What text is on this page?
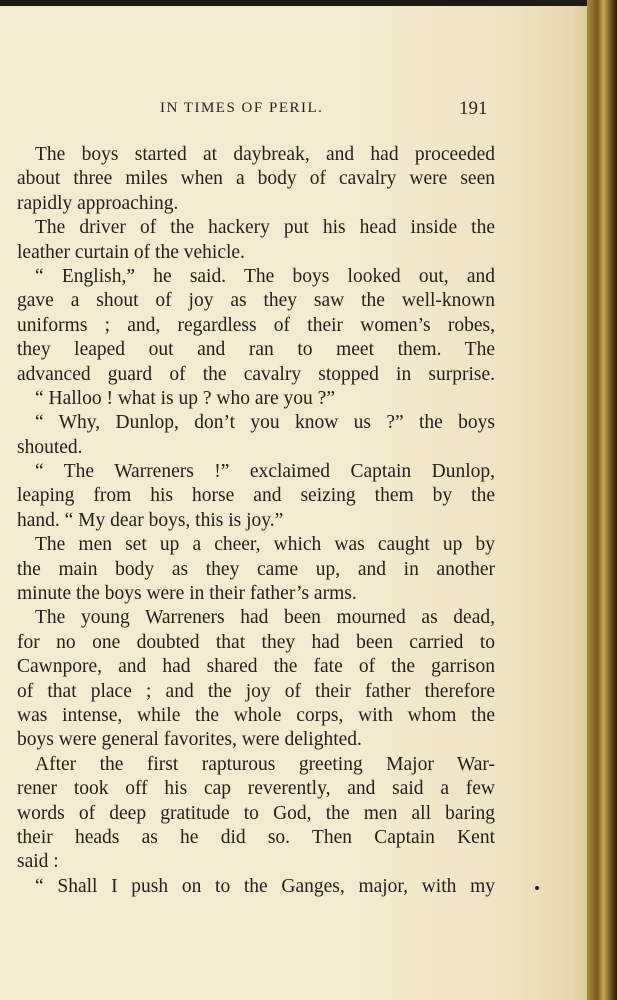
IN TIMES OF PERIL.	191
The boys started at daybreak, and had proceeded
about three miles when a body of cavalry were seen
rapidly approaching.
The driver of the hackery put his head inside the
leather curtain of the vehicle.
“ English,” he said. The boys looked out, and
gave a shout of joy as they saw the well-known
uniforms ; and, regardless of their women’s robes,
they leaped out and ran to meet them. The
advanced guard of the cavalry stopped in surprise.
“ Halloo ! what is up ? who are you ?”
“ Why, Dunlop, don’t you know us ?” the boys
shouted.
“ The Warreners !” exclaimed Captain Dunlop,
leaping from his horse and seizing them by the
hand. “ My dear boys, this is joy.”
The men set up a cheer, which was caught up by
the main body as they came up, and in another
minute the boys were in their father’s arms.
The young Warreners had been mourned as dead,
for no one doubted that they had been carried to
Cawnpore, and had shared the fate of the garrison
of that place ; and the joy of their father therefore
was intense, while the whole corps, with whom the
boys were general favorites, were delighted.
After the first rapturous greeting Major War-
rener took off his cap reverently, and said a few
words of deep gratitude to God, the men all baring
their heads as he did so. Then Captain Kent
said :
“ Shall I push on to the Ganges, major, with my
